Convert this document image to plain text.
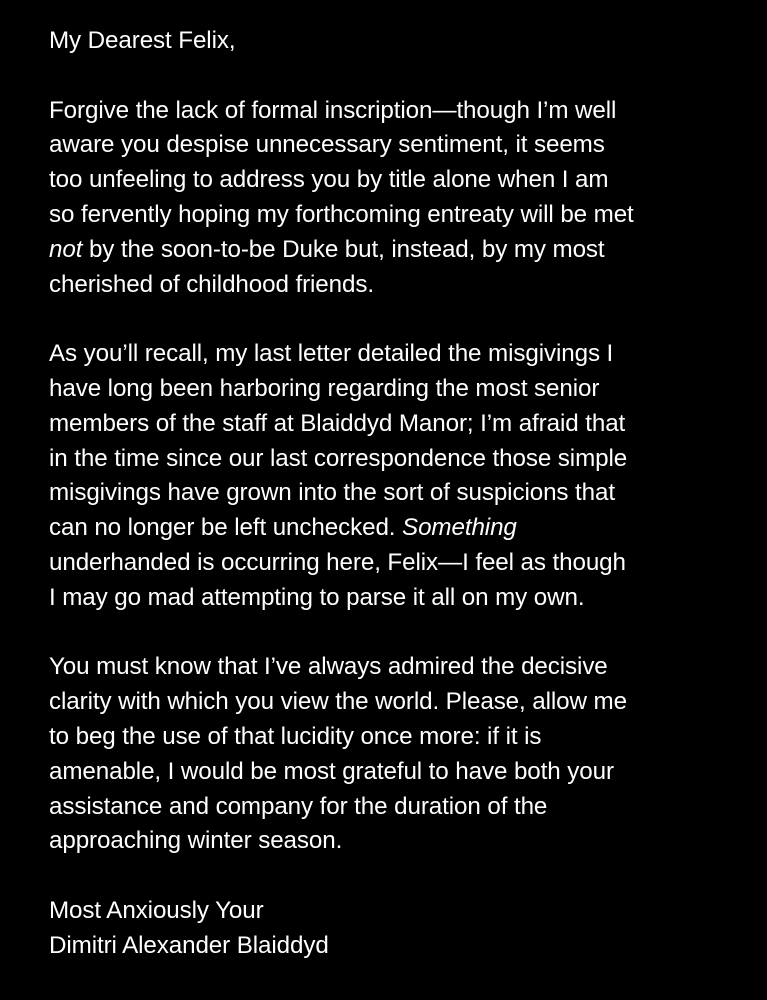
My Dearest Felix,
Forgive the lack of formal inscription—though I’m well
aware you despise unnecessary sentiment, it seems
too unfeeling to address you by title alone when I am
so fervently hoping my forthcoming entreaty will be met
not by the soon-to-be Duke but, instead, by my most
cherished of childhood friends.
As you’ll recall, my last letter detailed the misgivings I
have long been harboring regarding the most senior
members of the staff at Blaiddyd Manor; I’m afraid that
in the time since our last correspondence those simple
misgivings have grown into the sort of suspicions that
can no longer be left unchecked. Something
underhanded is occurring here, Felix—I feel as though
I may go mad attempting to parse it all on my own.
You must know that I’ve always admired the decisive
clarity with which you view the world. Please, allow me
to beg the use of that lucidity once more: if it is
amenable, I would be most grateful to have both your
assistance and company for the duration of the
approaching winter season.
Most Anxiously Your
Dimitri Alexander Blaiddyd
